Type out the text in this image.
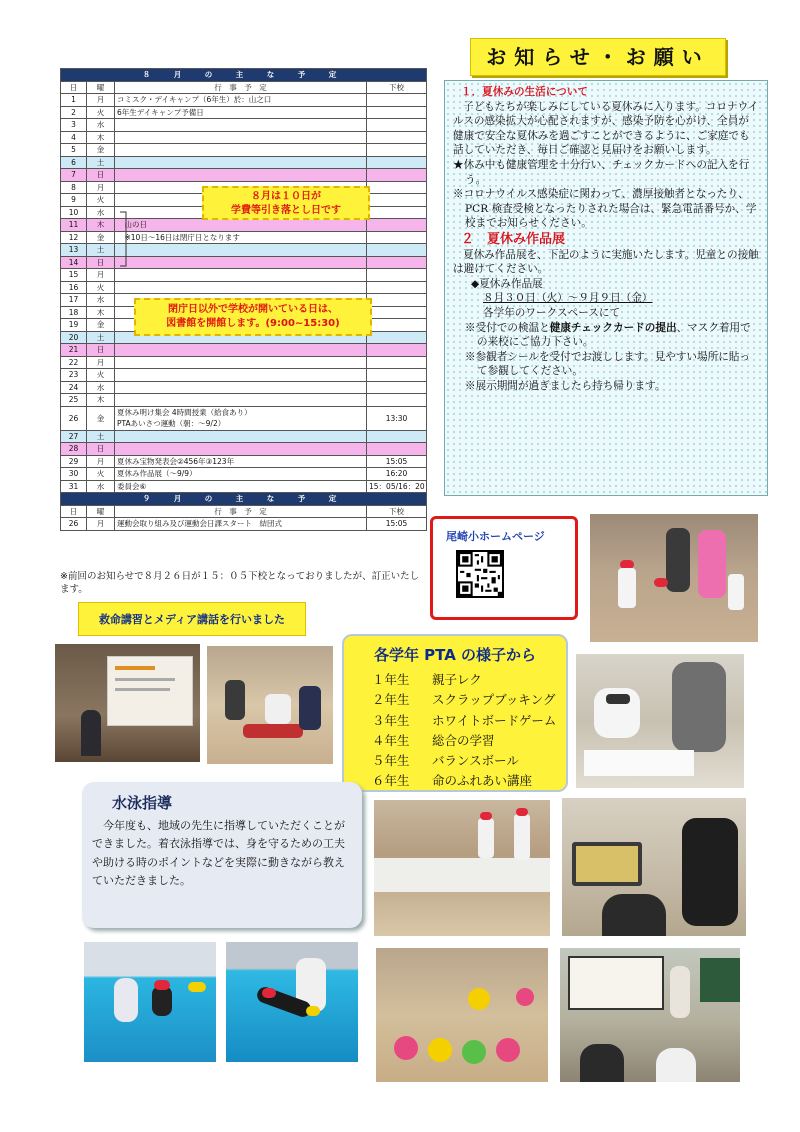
８　月　の　主　な　予　定			
日	曜	行　事　予　定	下校
1	月	コミスク・デイキャンプ（6年生）於：山之口	

2	火	6年生デイキャンプ予備日	

3	水	

4	木	

5	金	

6	土	

7	日	

8	月	

9	火	

10	水	

11	木	　山の日	

12	金	　※10日～16日は閉庁日となります	

13	土	

14	日	

15	月	

16	火	

17	水	

18	木	

19	金	

20	土	

21	日	

22	月	

23	火	

24	水	

25	木	

26	金	夏休み明け集会 4時間授業（給食あり）
PTAあいさつ運動（朝：～9/2）	13:30
27	土	

28	日	

29	月	夏休み宝物発表会②456年③123年	15:05
30	火	夏休み作品展（～9/9）	16:20
31	水	委員会⑥	15：05/16：20
９　月　の　主　な　予　定			
日	曜	行　事　予　定	下校
26	月	運動会取り組み及び運動会日課スタート　結団式	15:05
※前回のお知らせで８月２６日が１５：０５下校となっておりましたが、訂正いたします。
８月は１０日が
学費等引き落とし日です
閉庁日以外で学校が開いている日は、
図書館を開館します。(9:00~15:30)
お知らせ・お願い

１．夏休みの生活について

子どもたちが楽しみにしている夏休みに入ります。コロナウイルスの感染拡大が心配されますが、感染予防を心がけ、全員が健康で安全な夏休みを過ごすことができるように、ご家庭でも話していただき、毎日ご確認と見届けをお願いします。

★休み中も健康管理を十分行い、チェックカードへの記入を行う。

※コロナウイルス感染症に関わって、濃厚接触者となったり、PCR 検査受検となったりされた場合は、緊急電話番号か、学校までお知らせください。

２　夏休み作品展

夏休み作品展を、下記のように実施いたします。児童との接触は避けてください。

◆夏休み作品展

８月３０日（火）～９月９日（金）

各学年のワークスペースにて

※受付での検温と健康チェックカードの提出、マスク着用での来校にご協力下さい。

※参観者シールを受付でお渡しします。見やすい場所に貼って参観してください。

※展示期間が過ぎましたら持ち帰ります。

尾崎小ホームページ
救命講習とメディア講話を行いました
各学年 PTA の様子から
１年生 親子レク
２年生 スクラップブッキング
３年生 ホワイトボードゲーム
４年生 総合の学習
５年生 バランスボール
６年生 命のふれあい講座
水泳指導
今年度も、地域の先生に指導していただくことができました。着衣泳指導では、身を守るための工夫や助ける時のポイントなどを実際に動きながら教えていただきました。
